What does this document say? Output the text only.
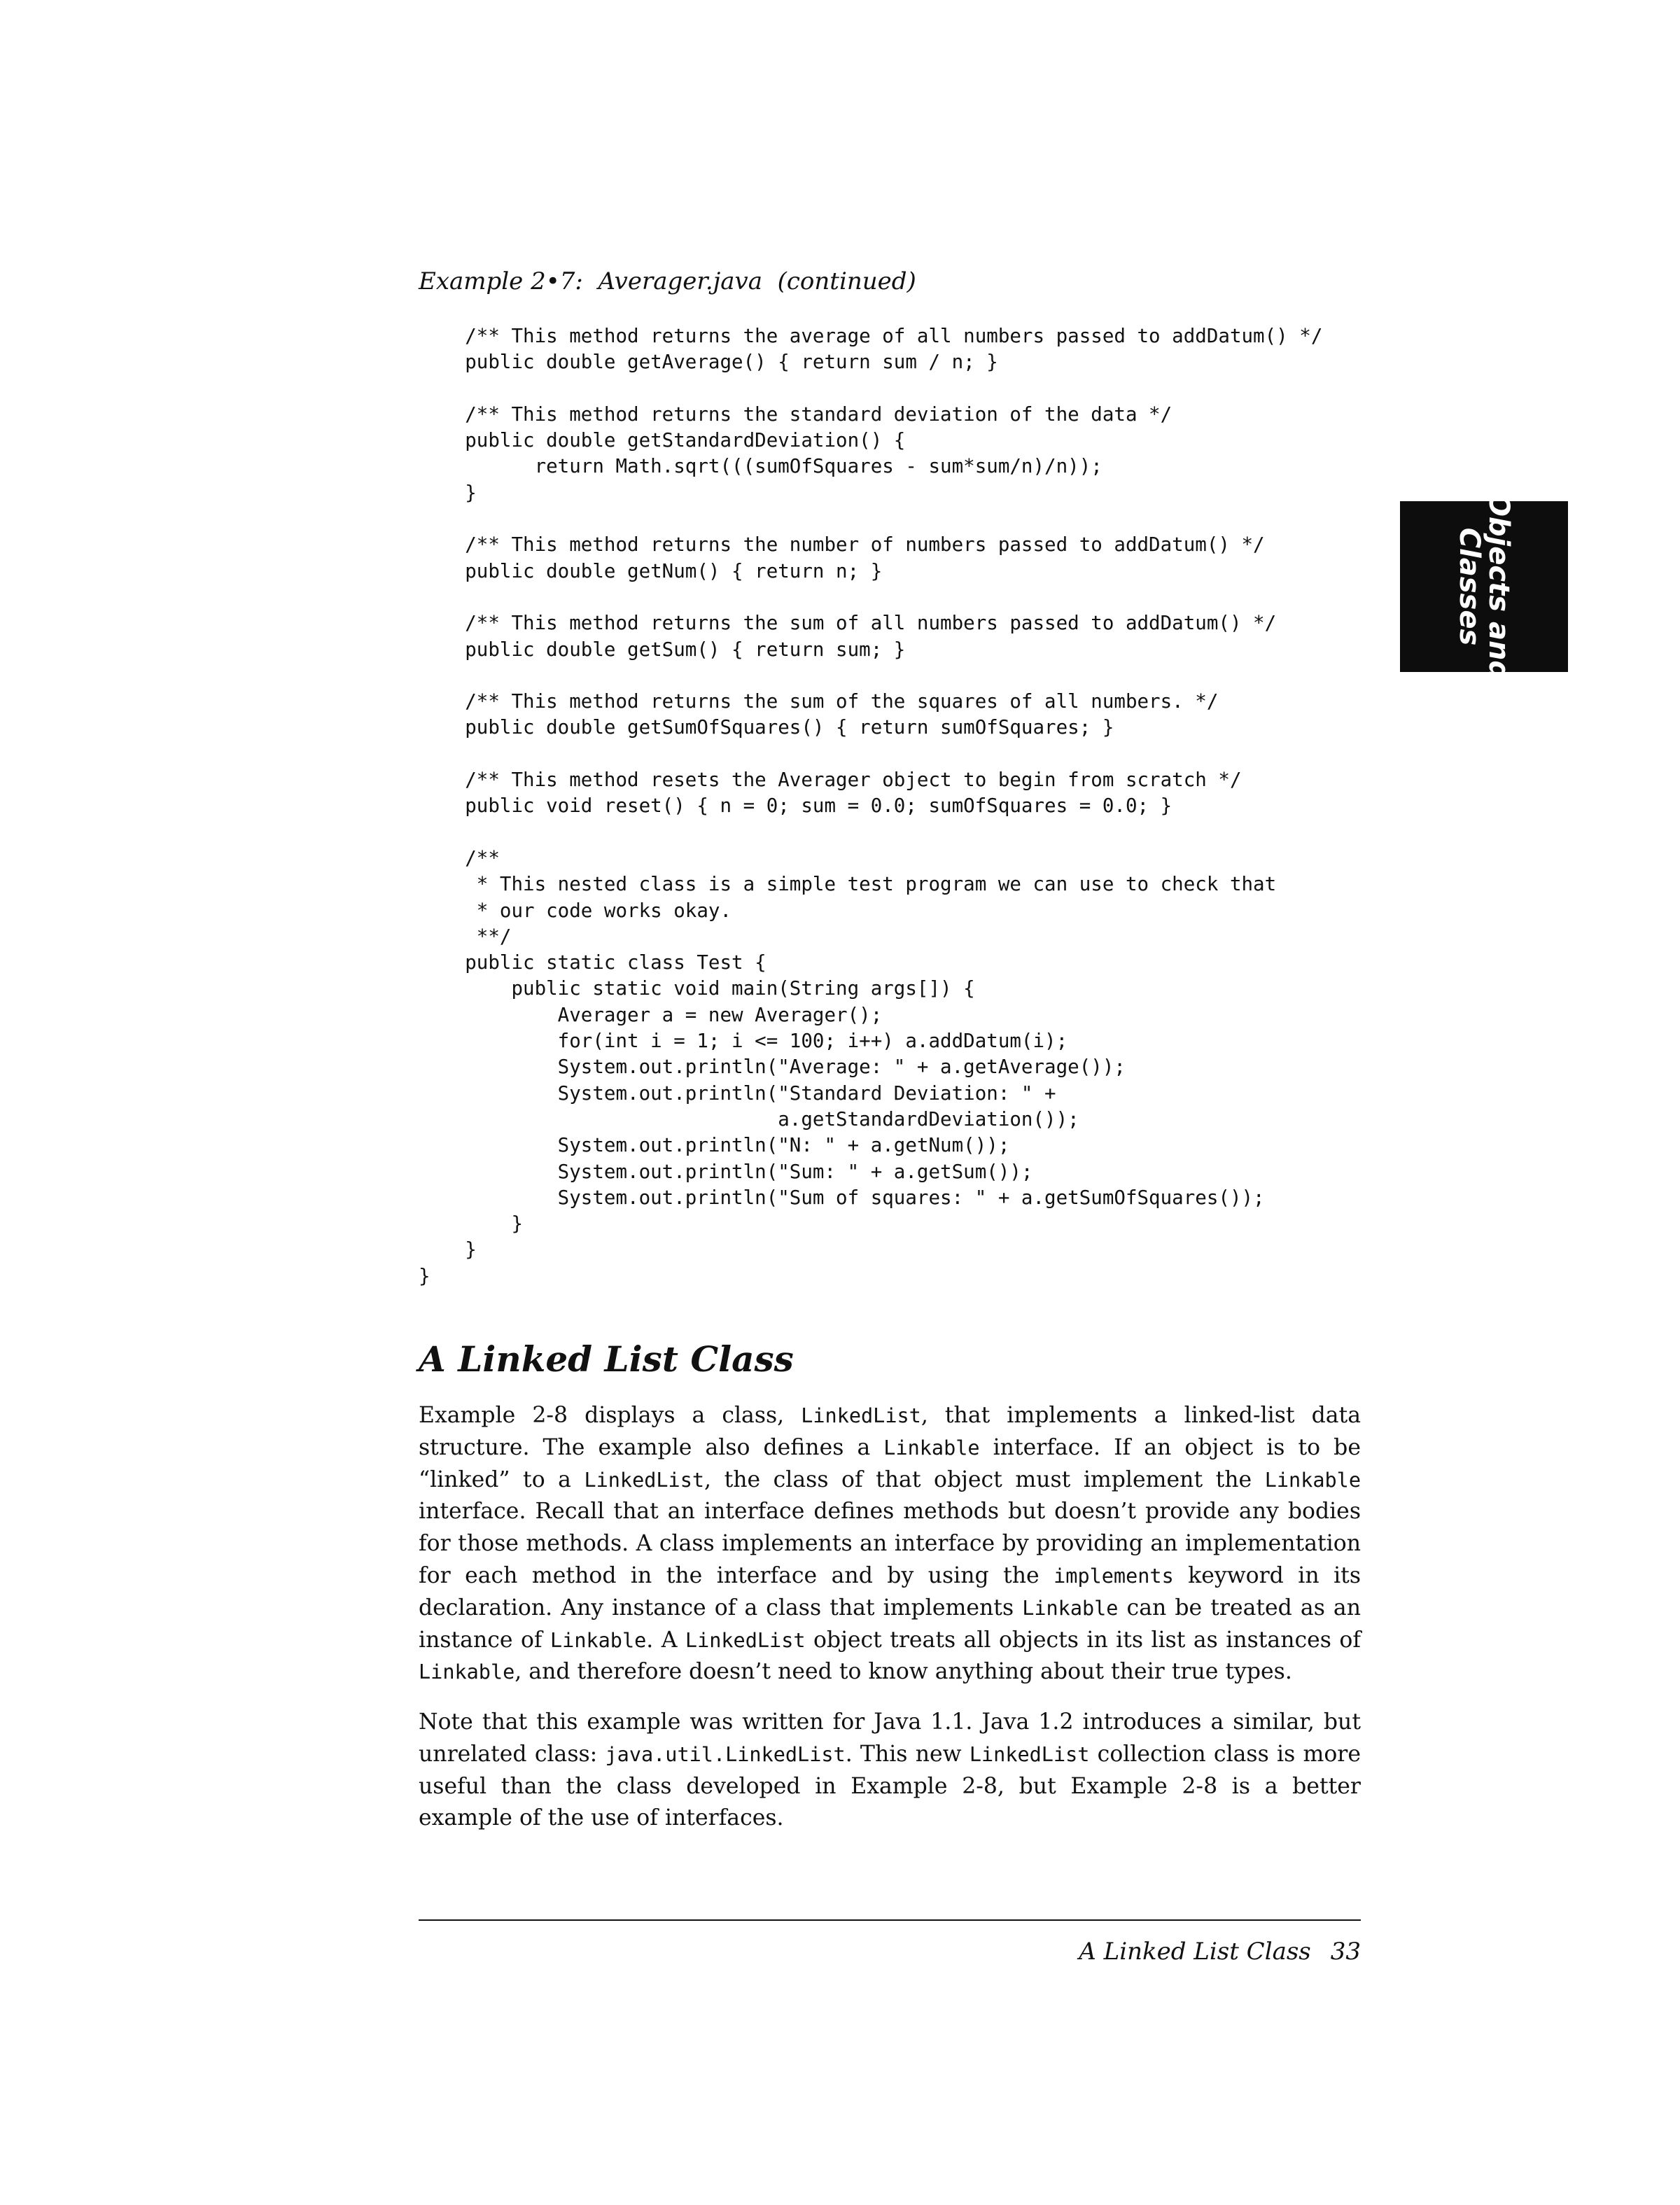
Example 2•7:  Averager.java  (continued)
/** This method returns the average of all numbers passed to addDatum() */
public double getAverage() { return sum / n; }

/** This method returns the standard deviation of the data */
public double getStandardDeviation() {
return Math.sqrt(((sumOfSquares - sum*sum/n)/n));
}

/** This method returns the number of numbers passed to addDatum() */
public double getNum() { return n; }

/** This method returns the sum of all numbers passed to addDatum() */
public double getSum() { return sum; }

/** This method returns the sum of the squares of all numbers. */
public double getSumOfSquares() { return sumOfSquares; }

/** This method resets the Averager object to begin from scratch */
public void reset() { n = 0; sum = 0.0; sumOfSquares = 0.0; }

/**
* This nested class is a simple test program we can use to check that
* our code works okay.
**/
public static class Test {
public static void main(String args[]) {
Averager a = new Averager();
for(int i = 1; i <= 100; i++) a.addDatum(i);
System.out.println("Average: " + a.getAverage());
System.out.println("Standard Deviation: " +
a.getStandardDeviation());
System.out.println("N: " + a.getNum());
System.out.println("Sum: " + a.getSum());
System.out.println("Sum of squares: " + a.getSumOfSquares());
}
}
}
Objects and
Classes
A Linked List Class

Example 2-8 displays a class, LinkedList, that implements a linked-list data structure. The example also defines a Linkable interface. If an object is to be “linked” to a LinkedList, the class of that object must implement the Linkable interface. Recall that an interface defines methods but doesn’t provide any bodies for those methods. A class implements an interface by providing an implementation for each method in the interface and by using the implements keyword in its declaration. Any instance of a class that implements Linkable can be treated as an instance of Linkable. A LinkedList object treats all objects in its list as instances of Linkable, and therefore doesn’t need to know anything about their true types.

Note that this example was written for Java 1.1. Java 1.2 introduces a similar, but unrelated class: java.util.LinkedList. This new LinkedList collection class is more useful than the class developed in Example 2-8, but Example 2-8 is a better example of the use of interfaces.

A Linked List Class 33
